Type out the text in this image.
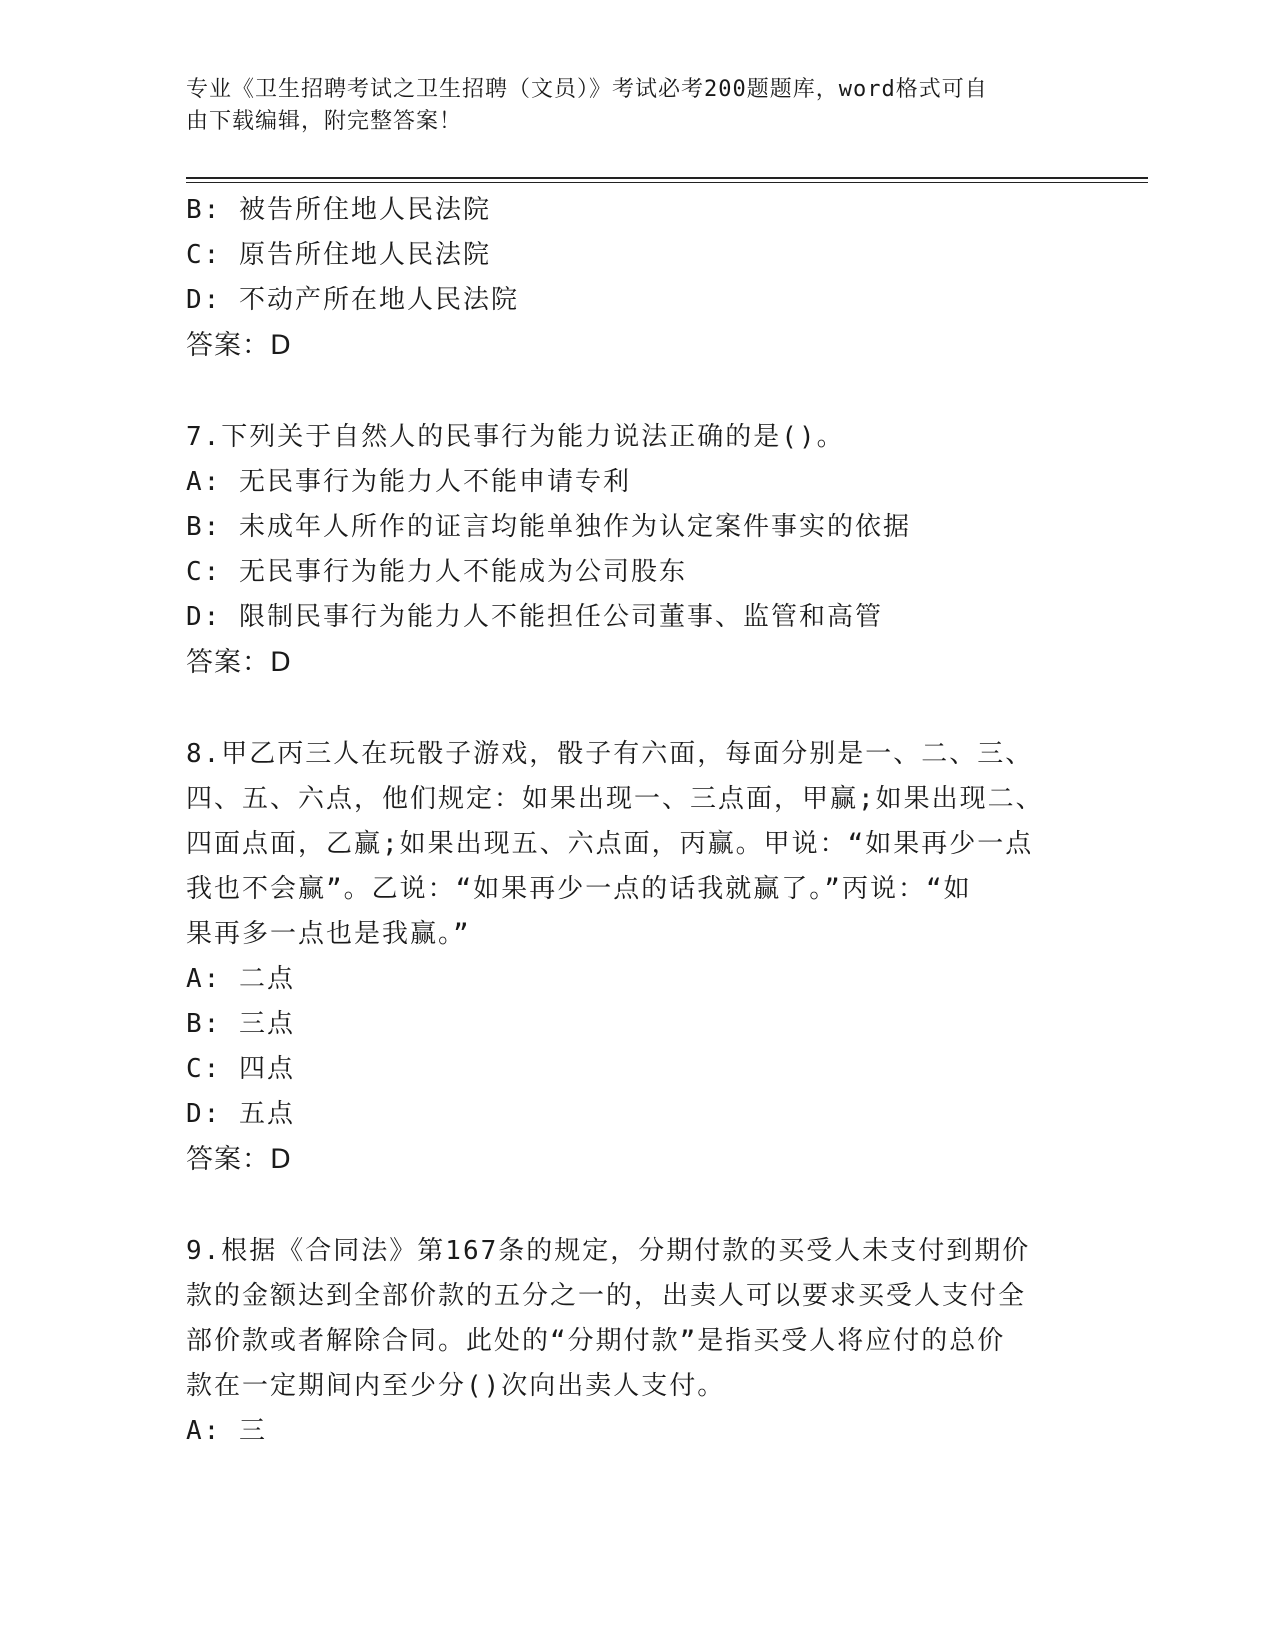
专业《卫生招聘考试之卫生招聘（文员）》考试必考200题题库，word格式可自
由下载编辑，附完整答案！
B: 被告所住地人民法院
C: 原告所住地人民法院
D: 不动产所在地人民法院
答案：D
7.下列关于自然人的民事行为能力说法正确的是()。
A: 无民事行为能力人不能申请专利
B: 未成年人所作的证言均能单独作为认定案件事实的依据
C: 无民事行为能力人不能成为公司股东
D: 限制民事行为能力人不能担任公司董事、监管和高管
答案：D
8.甲乙丙三人在玩骰子游戏，骰子有六面，每面分别是一、二、三、
四、五、六点，他们规定：如果出现一、三点面，甲赢;如果出现二、
四面点面，乙赢;如果出现五、六点面，丙赢。甲说：“如果再少一点
我也不会赢”。乙说：“如果再少一点的话我就赢了。”丙说：“如
果再多一点也是我赢。”
A: 二点
B: 三点
C: 四点
D: 五点
答案：D
9.根据《合同法》第167条的规定，分期付款的买受人未支付到期价
款的金额达到全部价款的五分之一的，出卖人可以要求买受人支付全
部价款或者解除合同。此处的“分期付款”是指买受人将应付的总价
款在一定期间内至少分()次向出卖人支付。
A: 三
